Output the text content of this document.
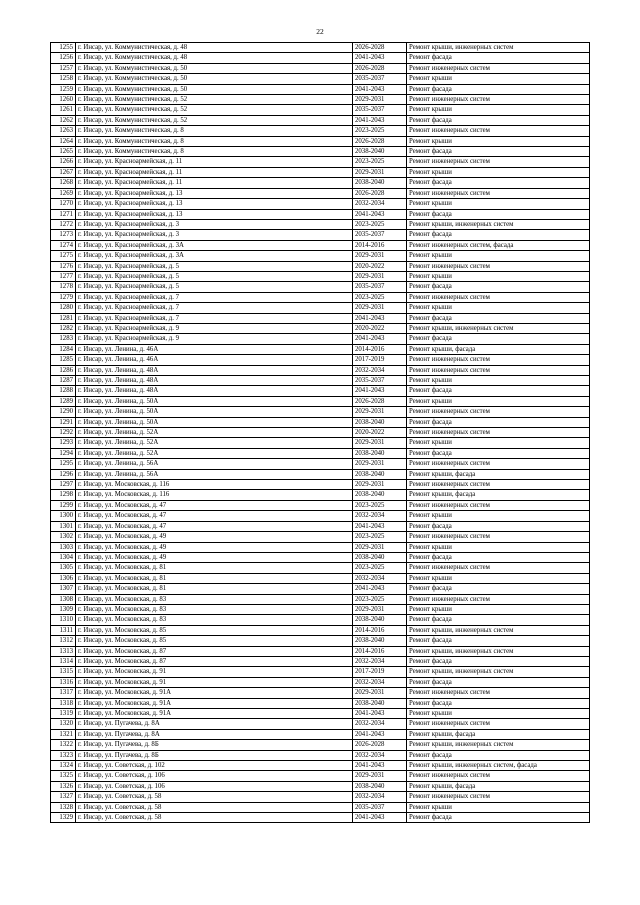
22
1255	г. Инсар, ул. Коммунистическая, д. 48	2026-2028	Ремонт крыши, инженерных систем
1256	г. Инсар, ул. Коммунистическая, д. 48	2041-2043	Ремонт фасада
1257	г. Инсар, ул. Коммунистическая, д. 50	2026-2028	Ремонт инженерных систем
1258	г. Инсар, ул. Коммунистическая, д. 50	2035-2037	Ремонт крыши
1259	г. Инсар, ул. Коммунистическая, д. 50	2041-2043	Ремонт фасада
1260	г. Инсар, ул. Коммунистическая, д. 52	2029-2031	Ремонт инженерных систем
1261	г. Инсар, ул. Коммунистическая, д. 52	2035-2037	Ремонт крыши
1262	г. Инсар, ул. Коммунистическая, д. 52	2041-2043	Ремонт фасада
1263	г. Инсар, ул. Коммунистическая, д. 8	2023-2025	Ремонт инженерных систем
1264	г. Инсар, ул. Коммунистическая, д. 8	2026-2028	Ремонт крыши
1265	г. Инсар, ул. Коммунистическая, д. 8	2038-2040	Ремонт фасада
1266	г. Инсар, ул. Красноармейская, д. 11	2023-2025	Ремонт инженерных систем
1267	г. Инсар, ул. Красноармейская, д. 11	2029-2031	Ремонт крыши
1268	г. Инсар, ул. Красноармейская, д. 11	2038-2040	Ремонт фасада
1269	г. Инсар, ул. Красноармейская, д. 13	2026-2028	Ремонт инженерных систем
1270	г. Инсар, ул. Красноармейская, д. 13	2032-2034	Ремонт крыши
1271	г. Инсар, ул. Красноармейская, д. 13	2041-2043	Ремонт фасада
1272	г. Инсар, ул. Красноармейская, д. 3	2023-2025	Ремонт крыши, инженерных систем
1273	г. Инсар, ул. Красноармейская, д. 3	2035-2037	Ремонт фасада
1274	г. Инсар, ул. Красноармейская, д. 3А	2014-2016	Ремонт инженерных систем, фасада
1275	г. Инсар, ул. Красноармейская, д. 3А	2029-2031	Ремонт крыши
1276	г. Инсар, ул. Красноармейская, д. 5	2020-2022	Ремонт инженерных систем
1277	г. Инсар, ул. Красноармейская, д. 5	2029-2031	Ремонт крыши
1278	г. Инсар, ул. Красноармейская, д. 5	2035-2037	Ремонт фасада
1279	г. Инсар, ул. Красноармейская, д. 7	2023-2025	Ремонт инженерных систем
1280	г. Инсар, ул. Красноармейская, д. 7	2029-2031	Ремонт крыши
1281	г. Инсар, ул. Красноармейская, д. 7	2041-2043	Ремонт фасада
1282	г. Инсар, ул. Красноармейская, д. 9	2020-2022	Ремонт крыши, инженерных систем
1283	г. Инсар, ул. Красноармейская, д. 9	2041-2043	Ремонт фасада
1284	г. Инсар, ул. Ленина, д. 46А	2014-2016	Ремонт крыши, фасада
1285	г. Инсар, ул. Ленина, д. 46А	2017-2019	Ремонт инженерных систем
1286	г. Инсар, ул. Ленина, д. 48А	2032-2034	Ремонт инженерных систем
1287	г. Инсар, ул. Ленина, д. 48А	2035-2037	Ремонт крыши
1288	г. Инсар, ул. Ленина, д. 48А	2041-2043	Ремонт фасада
1289	г. Инсар, ул. Ленина, д. 50А	2026-2028	Ремонт крыши
1290	г. Инсар, ул. Ленина, д. 50А	2029-2031	Ремонт инженерных систем
1291	г. Инсар, ул. Ленина, д. 50А	2038-2040	Ремонт фасада
1292	г. Инсар, ул. Ленина, д. 52А	2020-2022	Ремонт инженерных систем
1293	г. Инсар, ул. Ленина, д. 52А	2029-2031	Ремонт крыши
1294	г. Инсар, ул. Ленина, д. 52А	2038-2040	Ремонт фасада
1295	г. Инсар, ул. Ленина, д. 56А	2029-2031	Ремонт инженерных систем
1296	г. Инсар, ул. Ленина, д. 56А	2038-2040	Ремонт крыши, фасада
1297	г. Инсар, ул. Московская, д. 116	2029-2031	Ремонт инженерных систем
1298	г. Инсар, ул. Московская, д. 116	2038-2040	Ремонт крыши, фасада
1299	г. Инсар, ул. Московская, д. 47	2023-2025	Ремонт инженерных систем
1300	г. Инсар, ул. Московская, д. 47	2032-2034	Ремонт крыши
1301	г. Инсар, ул. Московская, д. 47	2041-2043	Ремонт фасада
1302	г. Инсар, ул. Московская, д. 49	2023-2025	Ремонт инженерных систем
1303	г. Инсар, ул. Московская, д. 49	2029-2031	Ремонт крыши
1304	г. Инсар, ул. Московская, д. 49	2038-2040	Ремонт фасада
1305	г. Инсар, ул. Московская, д. 81	2023-2025	Ремонт инженерных систем
1306	г. Инсар, ул. Московская, д. 81	2032-2034	Ремонт крыши
1307	г. Инсар, ул. Московская, д. 81	2041-2043	Ремонт фасада
1308	г. Инсар, ул. Московская, д. 83	2023-2025	Ремонт инженерных систем
1309	г. Инсар, ул. Московская, д. 83	2029-2031	Ремонт крыши
1310	г. Инсар, ул. Московская, д. 83	2038-2040	Ремонт фасада
1311	г. Инсар, ул. Московская, д. 85	2014-2016	Ремонт крыши, инженерных систем
1312	г. Инсар, ул. Московская, д. 85	2038-2040	Ремонт фасада
1313	г. Инсар, ул. Московская, д. 87	2014-2016	Ремонт крыши, инженерных систем
1314	г. Инсар, ул. Московская, д. 87	2032-2034	Ремонт фасада
1315	г. Инсар, ул. Московская, д. 91	2017-2019	Ремонт крыши, инженерных систем
1316	г. Инсар, ул. Московская, д. 91	2032-2034	Ремонт фасада
1317	г. Инсар, ул. Московская, д. 91А	2029-2031	Ремонт инженерных систем
1318	г. Инсар, ул. Московская, д. 91А	2038-2040	Ремонт фасада
1319	г. Инсар, ул. Московская, д. 91А	2041-2043	Ремонт крыши
1320	г. Инсар, ул. Пугачева, д. 8А	2032-2034	Ремонт инженерных систем
1321	г. Инсар, ул. Пугачева, д. 8А	2041-2043	Ремонт крыши, фасада
1322	г. Инсар, ул. Пугачева, д. 8Б	2026-2028	Ремонт крыши, инженерных систем
1323	г. Инсар, ул. Пугачева, д. 8Б	2032-2034	Ремонт фасада
1324	г. Инсар, ул. Советская, д. 102	2041-2043	Ремонт крыши, инженерных систем, фасада
1325	г. Инсар, ул. Советская, д. 106	2029-2031	Ремонт инженерных систем
1326	г. Инсар, ул. Советская, д. 106	2038-2040	Ремонт крыши, фасада
1327	г. Инсар, ул. Советская, д. 58	2032-2034	Ремонт инженерных систем
1328	г. Инсар, ул. Советская, д. 58	2035-2037	Ремонт крыши
1329	г. Инсар, ул. Советская, д. 58	2041-2043	Ремонт фасада
